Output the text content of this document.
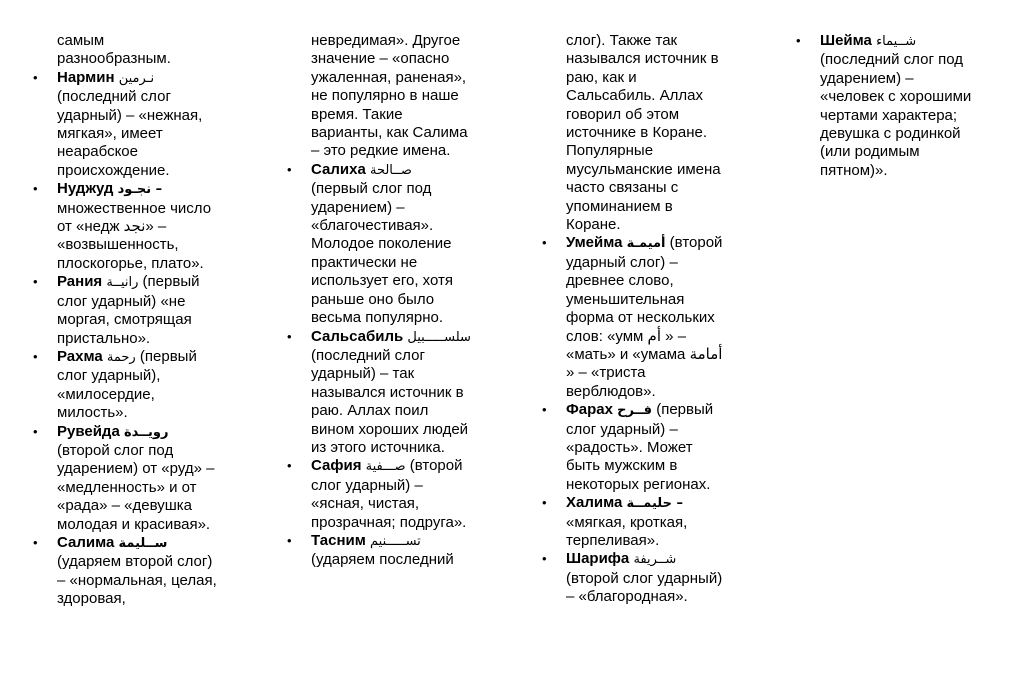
самым разнообразным.

• Нармин نـرمين (последний слог ударный) – «нежная, мягкая», имеет неарабское происхождение.
• Нуджуд نجـود – множественное число от «недж نجد» – «возвышенность, плоскогорье, плато».
• Рания رانيــة (первый слог ударный) «не моргая, смотрящая пристально».
• Рахма رحمة (первый слог ударный), «милосердие, милость».
• Рувейда رويــدة (второй слог под ударением) от «руд» – «медленность» и от «рада» – «девушка молодая и красивая».
• Салима ســليمة (ударяем второй слог) – «нормальная, целая, здоровая,

невредимая». Другое значение – «опасно ужаленная, раненая», не популярно в наше время. Такие варианты, как Салима – это редкие имена.

• Салиха صــالحة (первый слог под ударением) – «благочестивая». Молодое поколение практически не использует его, хотя раньше оно было весьма популярно.
• Сальсабиль سلســـــبيل (последний слог ударный) – так назывался источник в раю. Аллах поил вином хороших людей из этого источника.
• Сафия صـــفية (второй слог ударный) – «ясная, чистая, прозрачная; подруга».
• Тасним تســـــنيم (ударяем последний

слог). Также так назывался источник в раю, как и Сальсабиль. Аллах говорил об этом источнике в Коране. Популярные мусульманские имена часто связаны с упоминанием в Коране.

• Умейма أميمـة (второй ударный слог) – древнее слово, уменьшительная форма от нескольких слов: «умм أم » – «мать» и «умама أمامة » – «триста верблюдов».
• Фарах فــرح (первый слог ударный) – «радость». Может быть мужским в некоторых регионах.
• Халима حليمــة – «мягкая, кроткая, терпеливая».
• Шарифа شــريفة (второй слог ударный) – «благородная».
• Шейма شــيماء (последний слог под ударением) – «человек с хорошими чертами характера; девушка с родинкой (или родимым пятном)».
